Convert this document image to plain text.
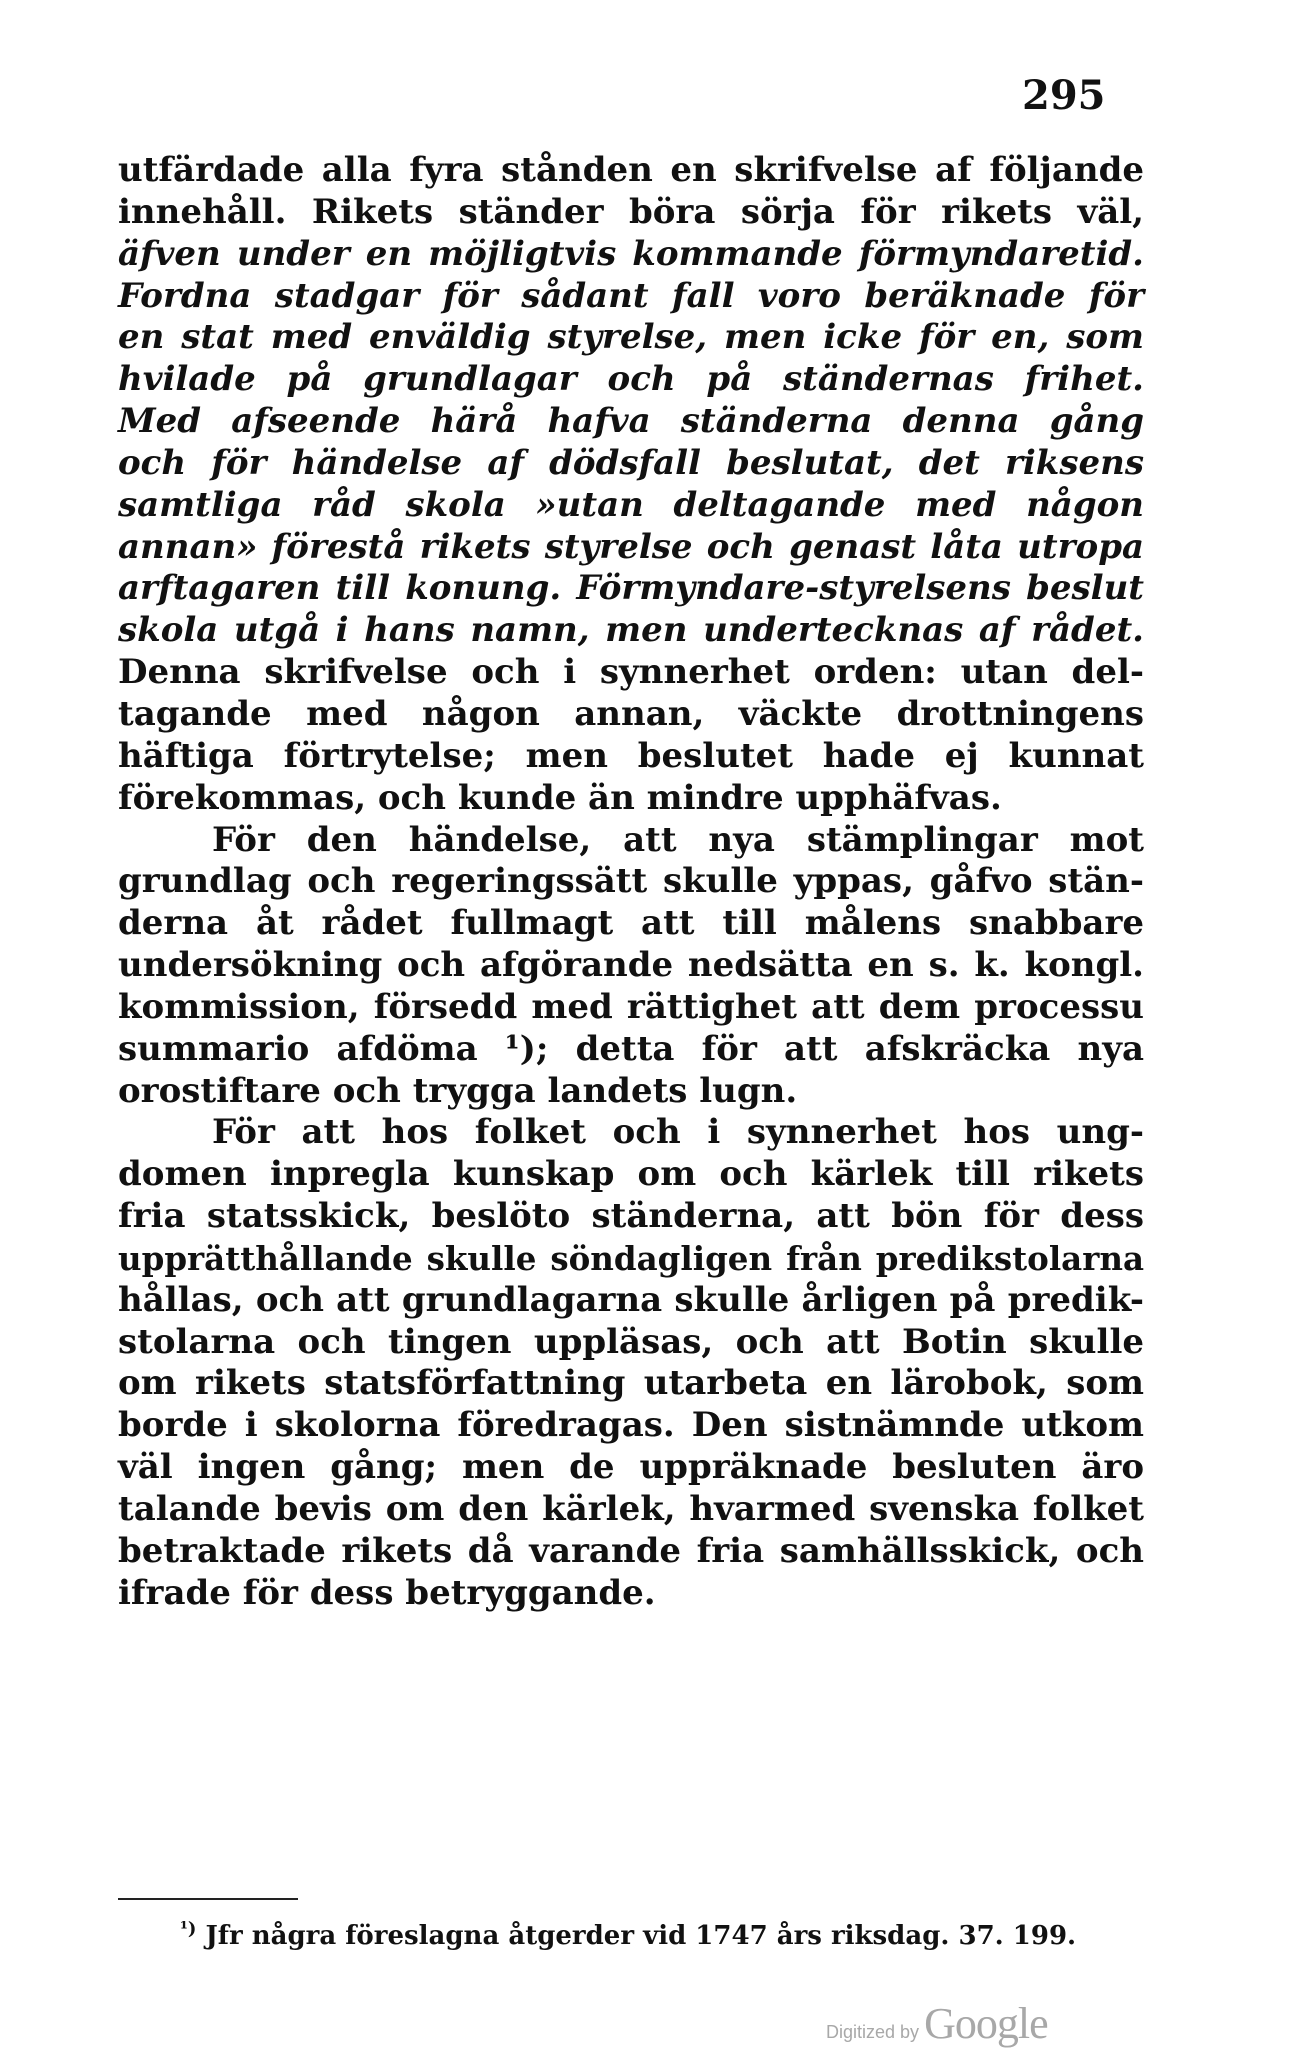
295
utfärdade alla fyra stånden en skrifvelse af följande
innehåll. Rikets ständer böra sörja för rikets väl,
äfven under en möjligtvis kommande förmyndaretid.
Fordna stadgar för sådant fall voro beräknade för
en stat med enväldig styrelse, men icke för en, som
hvilade på grundlagar och på ständernas frihet.
Med afseende härå hafva ständerna denna gång
och för händelse af dödsfall beslutat, det riksens
samtliga råd skola »utan deltagande med någon
annan» förestå rikets styrelse och genast låta utropa
arftagaren till konung. Förmyndare-styrelsens beslut
skola utgå i hans namn, men undertecknas af rådet.
Denna skrifvelse och i synnerhet orden: utan del-
tagande med någon annan, väckte drottningens
häftiga förtrytelse; men beslutet hade ej kunnat
förekommas, och kunde än mindre upphäfvas.
För den händelse, att nya stämplingar mot
grundlag och regeringssätt skulle yppas, gåfvo stän-
derna åt rådet fullmagt att till målens snabbare
undersökning och afgörande nedsätta en s. k. kongl.
kommission, försedd med rättighet att dem processu
summario afdöma ¹); detta för att afskräcka nya
orostiftare och trygga landets lugn.
För att hos folket och i synnerhet hos ung-
domen inpregla kunskap om och kärlek till rikets
fria statsskick, beslöto ständerna, att bön för dess
upprätthållande skulle söndagligen från predikstolarna
hållas, och att grundlagarna skulle årligen på predik-
stolarna och tingen uppläsas, och att Botin skulle
om rikets statsförfattning utarbeta en lärobok, som
borde i skolorna föredragas. Den sistnämnde utkom
väl ingen gång; men de uppräknade besluten äro
talande bevis om den kärlek, hvarmed svenska folket
betraktade rikets då varande fria samhällsskick, och
ifrade för dess betryggande.
$^{^1)}$ Jfr några föreslagna åtgerder vid 1747 års riksdag. 37. 199.
Digitized by Google
